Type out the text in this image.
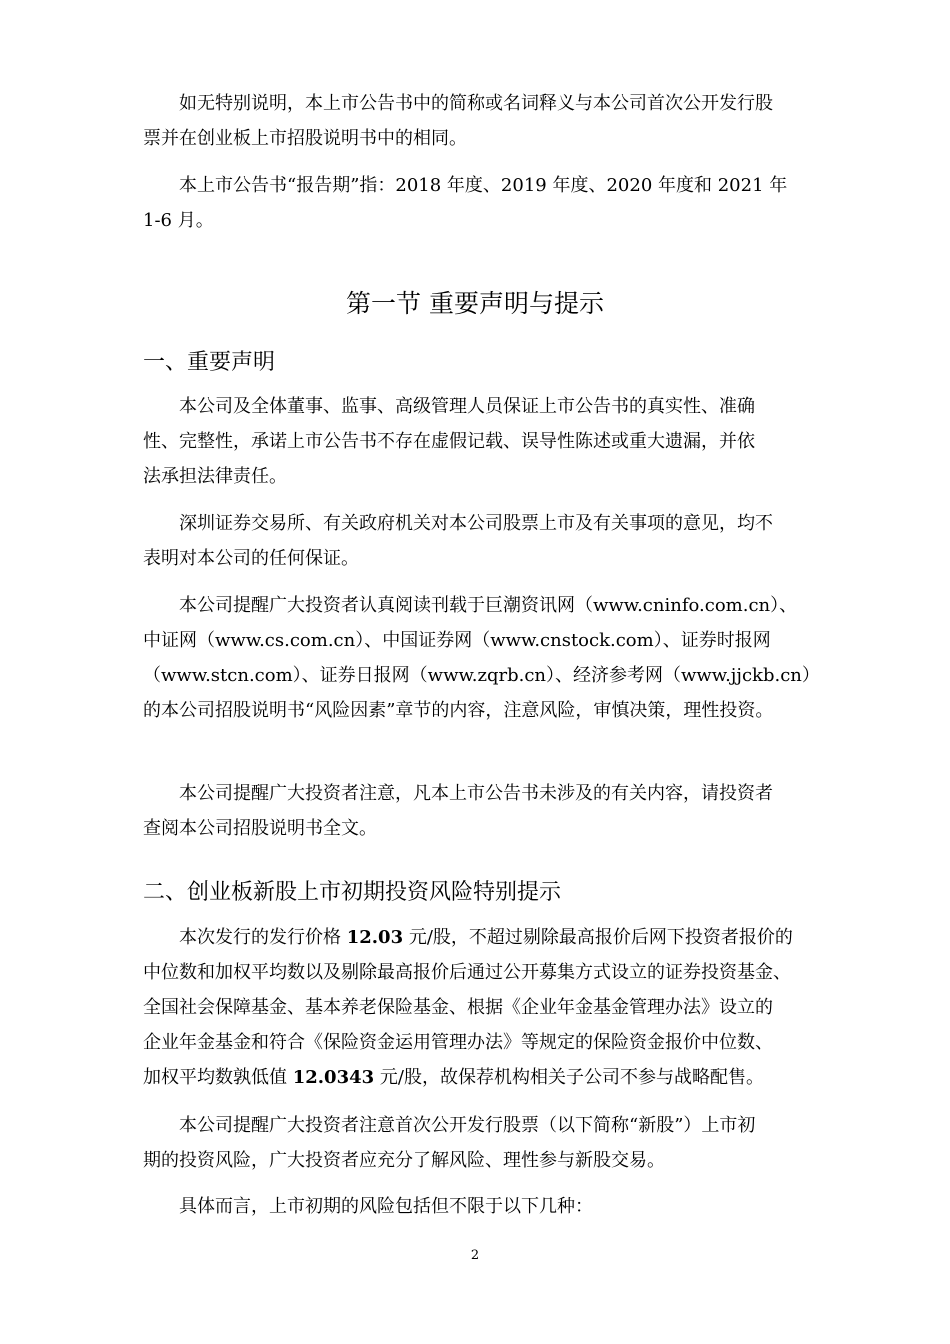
如无特别说明，本上市公告书中的简称或名词释义与本公司首次公开发行股
票并在创业板上市招股说明书中的相同。

本上市公告书“报告期”指：2018 年度、2019 年度、2020 年度和 2021 年
1-6 月。

第一节 重要声明与提示
一、重要声明

本公司及全体董事、监事、高级管理人员保证上市公告书的真实性、准确
性、完整性，承诺上市公告书不存在虚假记载、误导性陈述或重大遗漏，并依
法承担法律责任。

深圳证券交易所、有关政府机关对本公司股票上市及有关事项的意见，均不
表明对本公司的任何保证。

本公司提醒广大投资者认真阅读刊载于巨潮资讯网（www.cninfo.com.cn）、
中证网（www.cs.com.cn）、中国证券网（www.cnstock.com）、证券时报网
（www.stcn.com）、证券日报网（www.zqrb.cn）、经济参考网（www.jjckb.cn）
的本公司招股说明书“风险因素”章节的内容，注意风险，审慎决策，理性投资。

本公司提醒广大投资者注意，凡本上市公告书未涉及的有关内容，请投资者
查阅本公司招股说明书全文。

二、创业板新股上市初期投资风险特别提示

本次发行的发行价格 12.03 元/股，不超过剔除最高报价后网下投资者报价的
中位数和加权平均数以及剔除最高报价后通过公开募集方式设立的证券投资基金、
全国社会保障基金、基本养老保险基金、根据《企业年金基金管理办法》设立的
企业年金基金和符合《保险资金运用管理办法》等规定的保险资金报价中位数、
加权平均数孰低值 12.0343 元/股，故保荐机构相关子公司不参与战略配售。

本公司提醒广大投资者注意首次公开发行股票（以下简称“新股”）上市初
期的投资风险，广大投资者应充分了解风险、理性参与新股交易。

具体而言，上市初期的风险包括但不限于以下几种：

2
